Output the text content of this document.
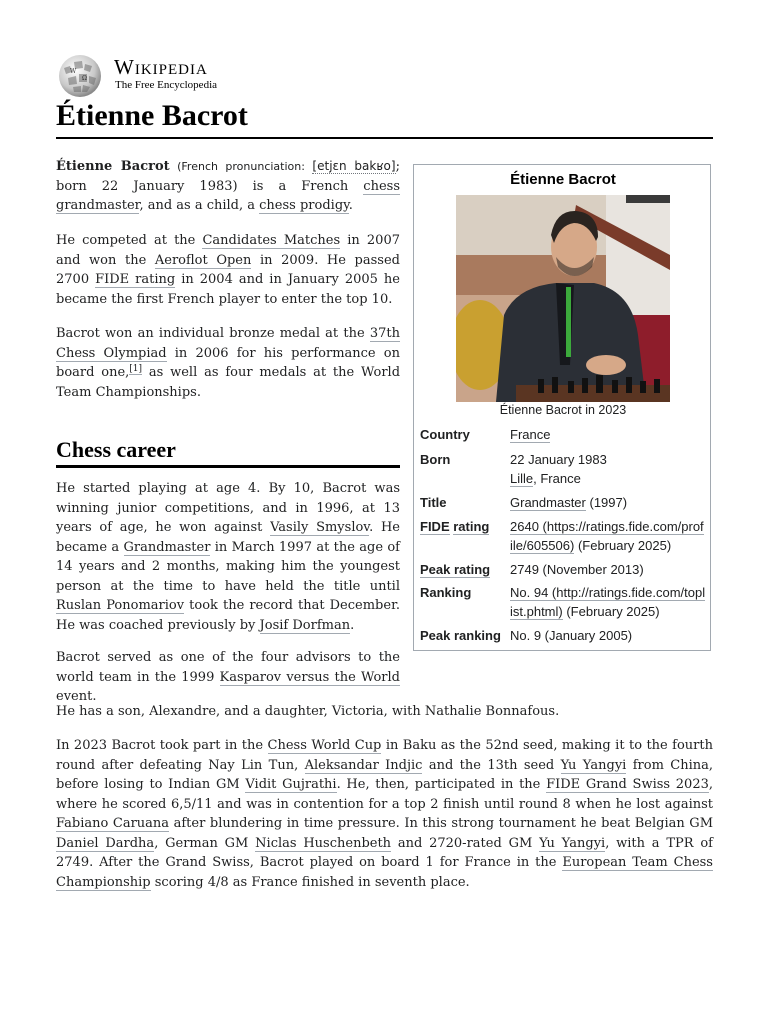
W
Ω Wikipedia
The Free Encyclopedia
Étienne Bacrot

Étienne Bacrot (French pronunciation: [etjɛn bakʁo]; born 22 January 1983) is a French chess grandmaster, and as a child, a chess prodigy.

He competed at the Candidates Matches in 2007 and won the Aeroflot Open in 2009. He passed 2700 FIDE rating in 2004 and in January 2005 he became the first French player to enter the top 10.

Bacrot won an individual bronze medal at the 37th Chess Olympiad in 2006 for his performance on board one,[1] as well as four medals at the World Team Championships.

Chess career

He started playing at age 4. By 10, Bacrot was winning junior competitions, and in 1996, at 13 years of age, he won against Vasily Smyslov. He became a Grandmaster in March 1997 at the age of 14 years and 2 months, making him the youngest person at the time to have held the title until Ruslan Ponomariov took the record that December. He was coached previously by Josif Dorfman.

Bacrot served as one of the four advisors to the world team in the 1999 Kasparov versus the World event.

He has a son, Alexandre, and a daughter, Victoria, with Nathalie Bonnafous.

In 2023 Bacrot took part in the Chess World Cup in Baku as the 52nd seed, making it to the fourth round after defeating Nay Lin Tun, Aleksandar Indjic and the 13th seed Yu Yangyi from China, before losing to Indian GM Vidit Gujrathi. He, then, participated in the FIDE Grand Swiss 2023, where he scored 6,5/11 and was in contention for a top 2 finish until round 8 when he lost against Fabiano Caruana after blundering in time pressure. In this strong tournament he beat Belgian GM Daniel Dardha, German GM Niclas Huschenbeth and 2720-rated GM Yu Yangyi, with a TPR of 2749. After the Grand Swiss, Bacrot played on board 1 for France in the European Team Chess Championship scoring 4/8 as France finished in seventh place.

Étienne Bacrot
Étienne Bacrot in 2023
Country	France
Born	22 January 1983
Lille, France
Title	Grandmaster (1997)
FIDE rating 2640 (https://ratings.fide.com/profile/605506) (February 2025)
Peak rating 2749 (November 2013)
Ranking	No. 94 (http://ratings.fide.com/toplist.phtml) (February 2025)
Peak ranking No. 9 (January 2005)
